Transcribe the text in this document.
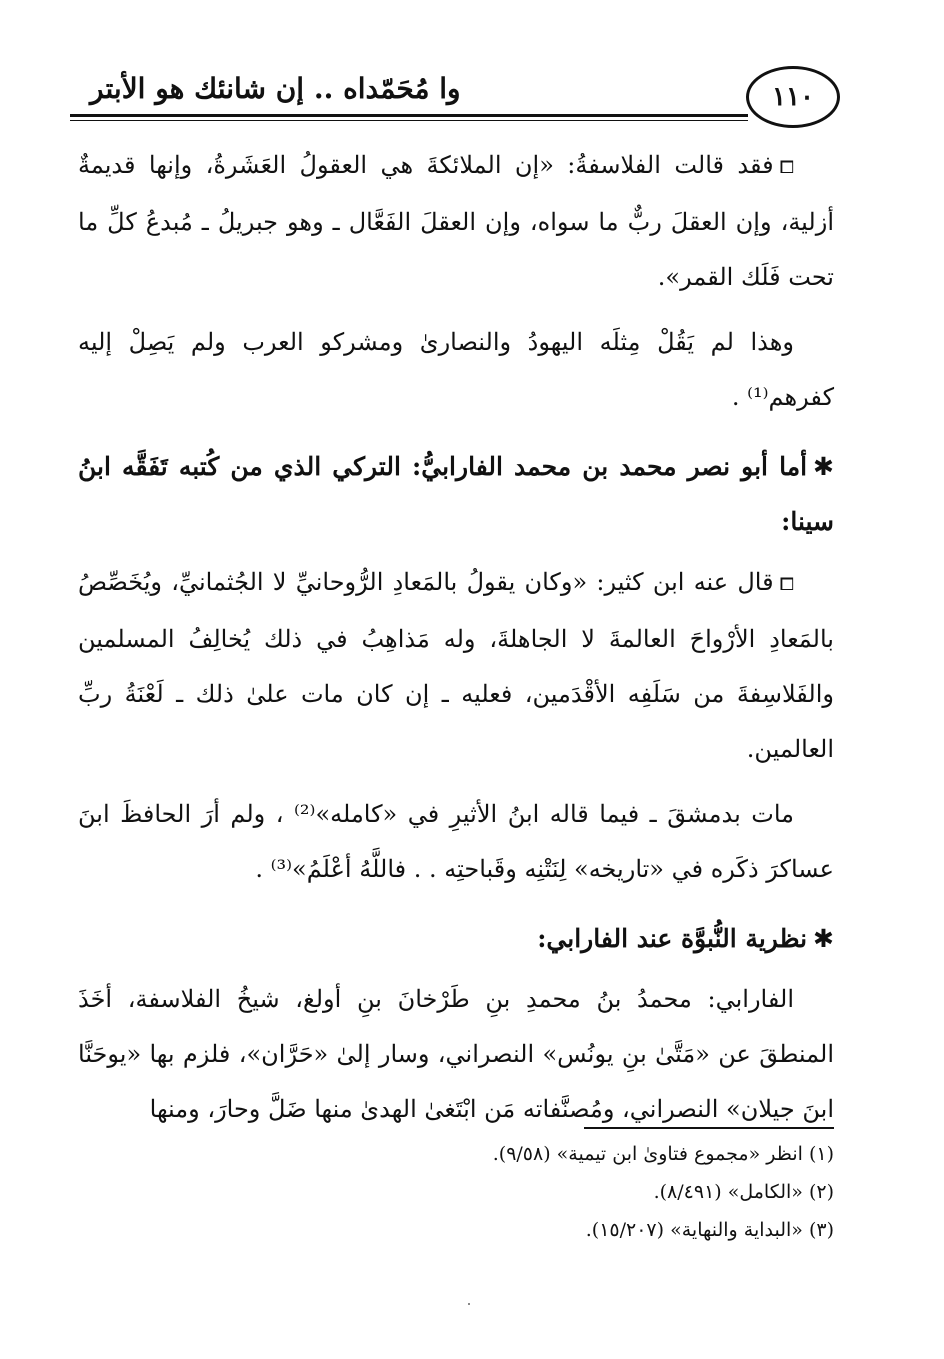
وا مُحَمّداه .. إن شانئك هو الأبتر	١١٠

⧠فقد قالت الفلاسفةُ: «إن الملائكةَ هي العقولُ العَشَرةُ، وإنها قديمةٌ أزلية، وإن العقلَ ربٌّ ما سواه، وإن العقلَ الفَعَّال ـ وهو جبريلُ ـ مُبدعُ كلِّ ما تحت فَلَك القمر».

وهذا لم يَقُلْ مِثلَه اليهودُ والنصارىٰ ومشركو العرب ولم يَصِلْ إليه كفرهم⁽¹⁾ .

✱أما أبو نصر محمد بن محمد الفارابيُّ: التركي الذي من كُتبه تَفَقَّه ابنُ سينا:

⧠قال عنه ابن كثير: «وكان يقولُ بالمَعادِ الرُّوحانيِّ لا الجُثمانيِّ، ويُخَصِّصُ بالمَعادِ الأرْواحَ العالمةَ لا الجاهلةَ، وله مَذاهِبُ في ذلك يُخالِفُ المسلمين والفَلاسِفةَ من سَلَفِه الأقْدَمين، فعليه ـ إن كان مات علىٰ ذلك ـ لَعْنَةُ ربِّ العالمين.

مات بدمشقَ ـ فيما قاله ابنُ الأثيرِ في «كامله»⁽²⁾ ، ولم أرَ الحافظَ ابنَ عساكرَ ذكَره في «تاريخه» لِنَتْنِه وقَباحتِه . . فاللَّهُ أعْلَمُ»⁽³⁾ .

✱نظرية النُّبوَّة عند الفارابي:

الفارابي: محمدُ بنُ محمدِ بنِ طَرْخانَ بنِ أولغ، شيخُ الفلاسفة، أخَذَ المنطقَ عن «مَتَّىٰ بنِ يونُس» النصراني، وسار إلىٰ «حَرَّان»، فلزم بها «يوحَنَّا ابنَ جيلان» النصراني، ومُصنَّفاته مَن ابْتَغىٰ الهدىٰ منها ضَلَّ وحارَ، ومنها

(١) انظر «مجموع فتاوىٰ ابن تيمية» (٩/٥٨).

(٢) «الكامل» (٨/٤٩١).

(٣) «البداية والنهاية» (١٥/٢٠٧).
